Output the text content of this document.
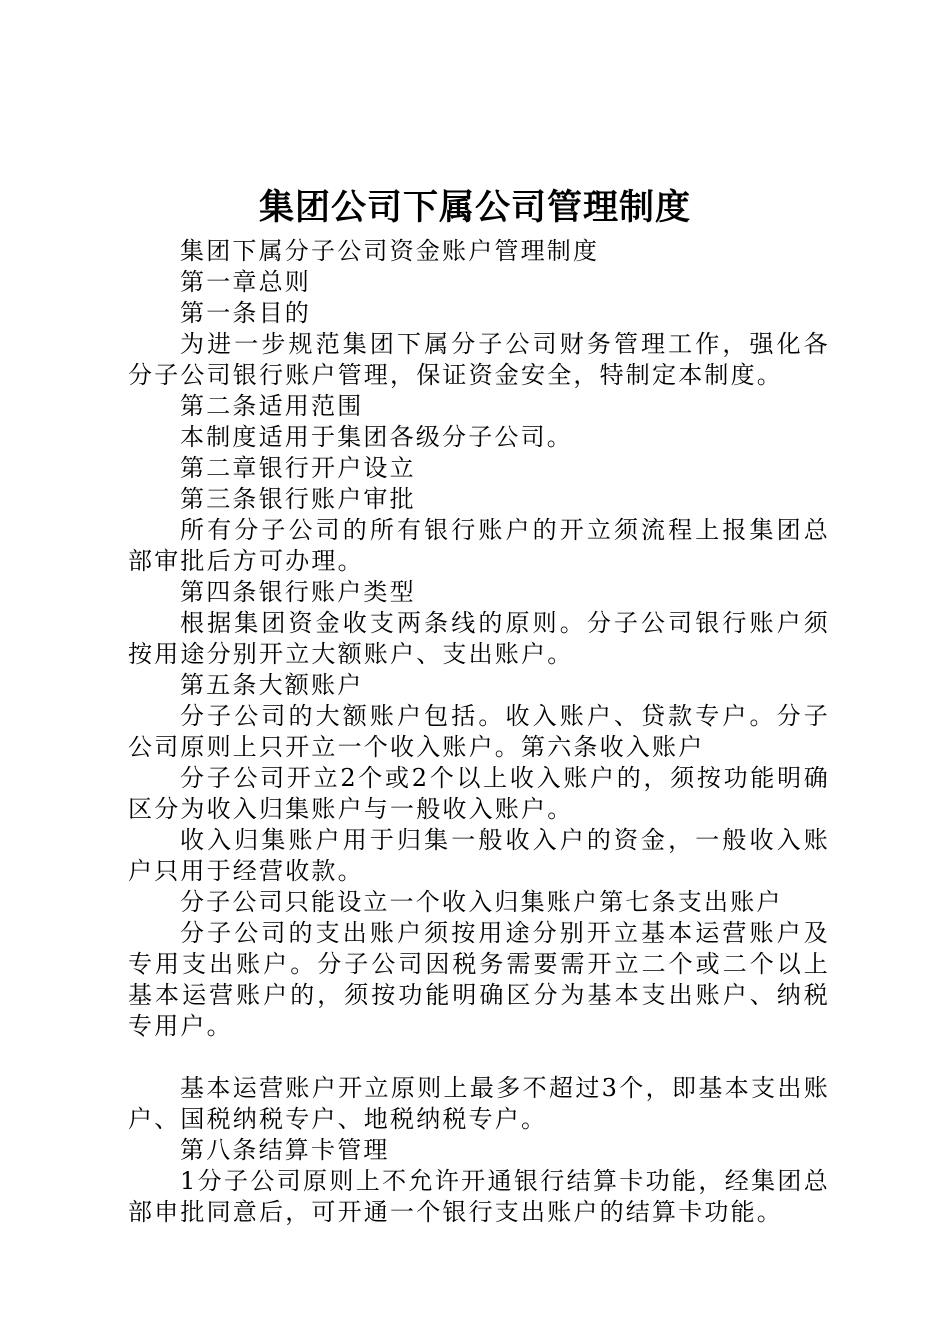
集团公司下属公司管理制度

集团下属分子公司资金账户管理制度

第一章总则

第一条目的

为进一步规范集团下属分子公司财务管理工作，强化各分子公司银行账户管理，保证资金安全，特制定本制度。

第二条适用范围

本制度适用于集团各级分子公司。

第二章银行开户设立

第三条银行账户审批

所有分子公司的所有银行账户的开立须流程上报集团总部审批后方可办理。

第四条银行账户类型

根据集团资金收支两条线的原则。分子公司银行账户须按用途分别开立大额账户、支出账户。

第五条大额账户

分子公司的大额账户包括。收入账户、贷款专户。分子公司原则上只开立一个收入账户。第六条收入账户

分子公司开立2个或2个以上收入账户的，须按功能明确区分为收入归集账户与一般收入账户。

收入归集账户用于归集一般收入户的资金，一般收入账户只用于经营收款。

分子公司只能设立一个收入归集账户第七条支出账户

分子公司的支出账户须按用途分别开立基本运营账户及专用支出账户。分子公司因税务需要需开立二个或二个以上基本运营账户的，须按功能明确区分为基本支出账户、纳税专用户。

基本运营账户开立原则上最多不超过3个，即基本支出账户、国税纳税专户、地税纳税专户。

第八条结算卡管理

1分子公司原则上不允许开通银行结算卡功能，经集团总部申批同意后，可开通一个银行支出账户的结算卡功能。
